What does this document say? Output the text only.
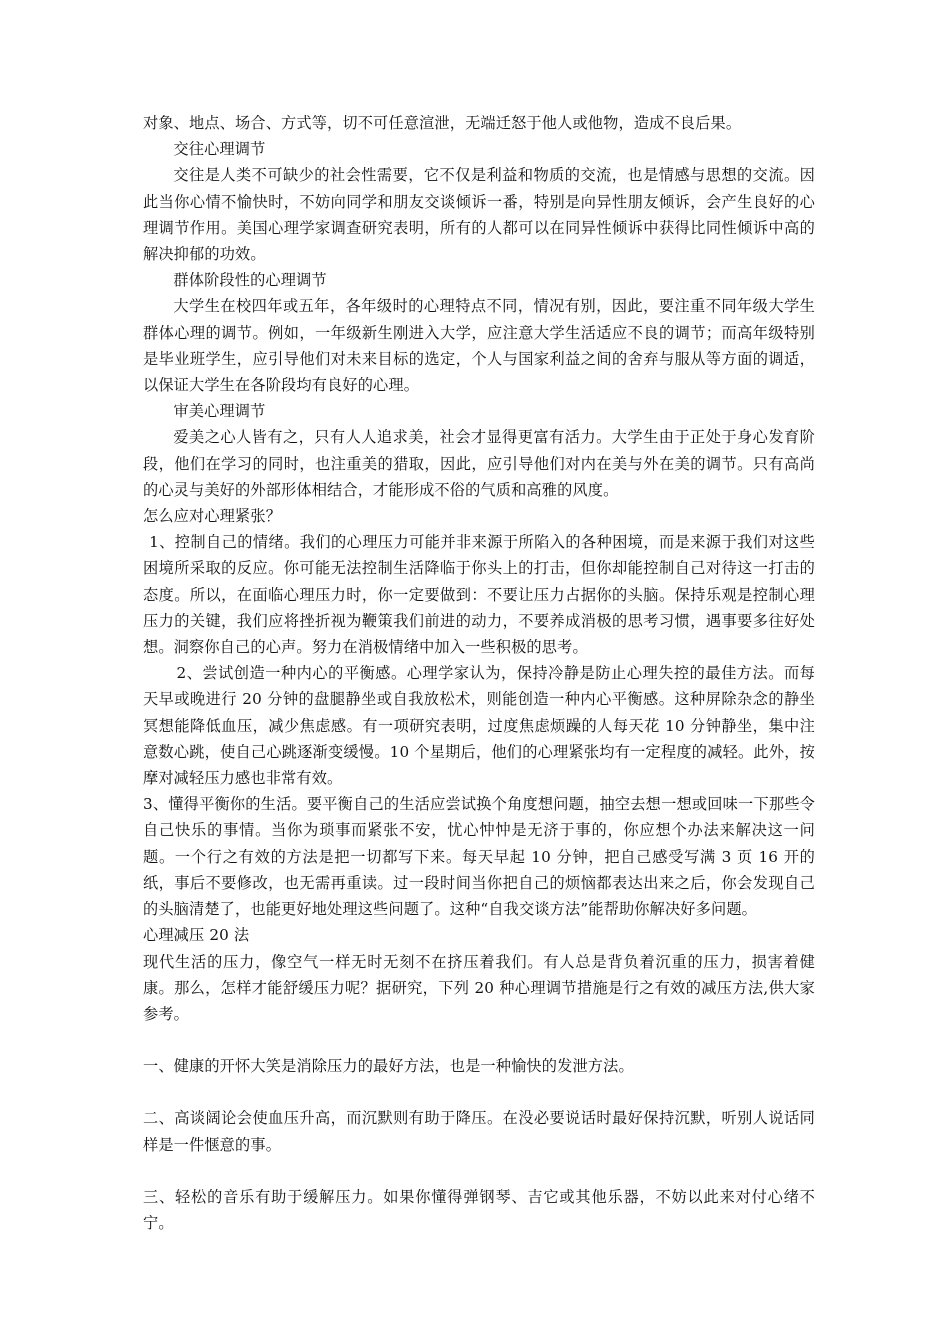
对象、地点、场合、方式等，切不可任意渲泄，无端迁怒于他人或他物，造成不良后果。

交往心理调节

交往是人类不可缺少的社会性需要，它不仅是利益和物质的交流，也是情感与思想的交流。因此当你心情不愉快时，不妨向同学和朋友交谈倾诉一番，特别是向异性朋友倾诉，会产生良好的心理调节作用。美国心理学家调查研究表明，所有的人都可以在同异性倾诉中获得比同性倾诉中高的解决抑郁的功效。

群体阶段性的心理调节

大学生在校四年或五年，各年级时的心理特点不同，情况有别，因此，要注重不同年级大学生群体心理的调节。例如，一年级新生刚进入大学，应注意大学生活适应不良的调节；而高年级特别是毕业班学生，应引导他们对未来目标的选定，个人与国家利益之间的舍弃与服从等方面的调适，以保证大学生在各阶段均有良好的心理。

审美心理调节

爱美之心人皆有之，只有人人追求美，社会才显得更富有活力。大学生由于正处于身心发育阶段，他们在学习的同时，也注重美的猎取，因此，应引导他们对内在美与外在美的调节。只有高尚的心灵与美好的外部形体相结合，才能形成不俗的气质和高雅的风度。

怎么应对心理紧张？

1、控制自己的情绪。我们的心理压力可能并非来源于所陷入的各种困境，而是来源于我们对这些困境所采取的反应。你可能无法控制生活降临于你头上的打击，但你却能控制自己对待这一打击的态度。所以，在面临心理压力时，你一定要做到：不要让压力占据你的头脑。保持乐观是控制心理压力的关键，我们应将挫折视为鞭策我们前进的动力，不要养成消极的思考习惯，遇事要多往好处想。洞察你自己的心声。努力在消极情绪中加入一些积极的思考。

2、尝试创造一种内心的平衡感。心理学家认为，保持冷静是防止心理失控的最佳方法。而每天早或晚进行 20 分钟的盘腿静坐或自我放松术，则能创造一种内心平衡感。这种屏除杂念的静坐冥想能降低血压，减少焦虑感。有一项研究表明，过度焦虑烦躁的人每天花 10 分钟静坐，集中注意数心跳，使自己心跳逐渐变缓慢。10 个星期后，他们的心理紧张均有一定程度的减轻。此外，按摩对减轻压力感也非常有效。

3、懂得平衡你的生活。要平衡自己的生活应尝试换个角度想问题，抽空去想一想或回味一下那些令自己快乐的事情。当你为琐事而紧张不安，忧心忡忡是无济于事的，你应想个办法来解决这一问题。一个行之有效的方法是把一切都写下来。每天早起 10 分钟，把自己感受写满 3 页 16 开的纸，事后不要修改，也无需再重读。过一段时间当你把自己的烦恼都表达出来之后，你会发现自己的头脑清楚了，也能更好地处理这些问题了。这种“自我交谈方法”能帮助你解决好多问题。

心理减压 20 法

现代生活的压力，像空气一样无时无刻不在挤压着我们。有人总是背负着沉重的压力，损害着健康。那么，怎样才能舒缓压力呢？据研究，下列 20 种心理调节措施是行之有效的减压方法,供大家参考。

一、健康的开怀大笑是消除压力的最好方法，也是一种愉快的发泄方法。

二、高谈阔论会使血压升高，而沉默则有助于降压。在没必要说话时最好保持沉默，听别人说话同样是一件惬意的事。

三、轻松的音乐有助于缓解压力。如果你懂得弹钢琴、吉它或其他乐器，不妨以此来对付心绪不宁。
